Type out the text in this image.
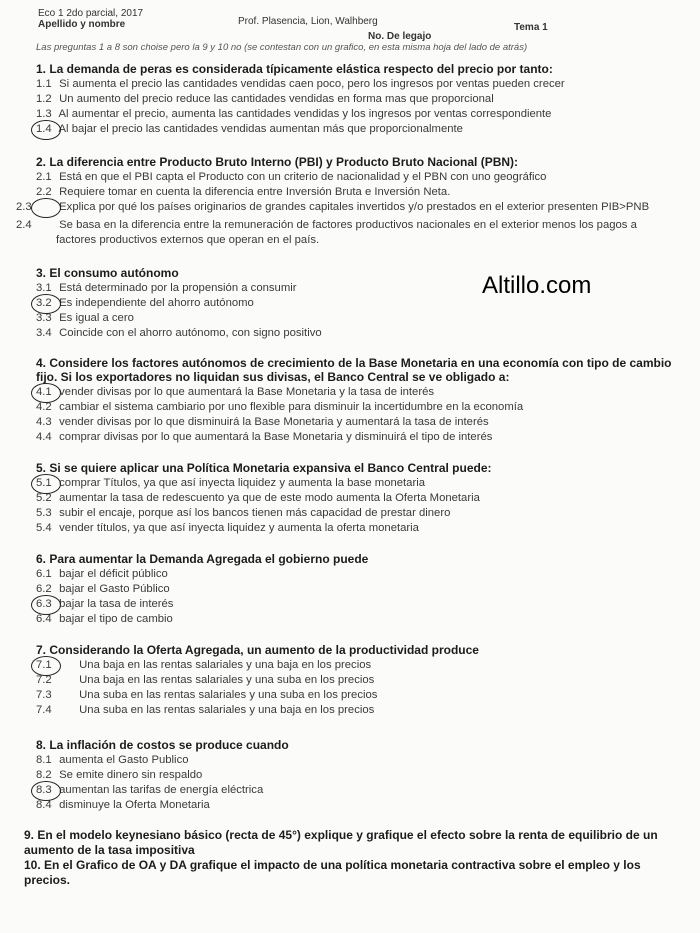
Eco 1 2do parcial, 2017
Prof. Plasencia, Lion, Walhberg
Tema 1
Apellido y nombre
No. De legajo
Las preguntas 1 a 8 son choise pero la 9 y 10 no (se contestan con un grafico, en esta misma hoja del lado de atrás)
Altillo.com
1. La demanda de peras es considerada típicamente elástica respecto del precio por tanto:
1.1 Si aumenta el precio las cantidades vendidas caen poco, pero los ingresos por ventas pueden crecer
1.2 Un aumento del precio reduce las cantidades vendidas en forma mas que proporcional
1.3 Al aumentar el precio, aumenta las cantidades vendidas y los ingresos por ventas correspondiente
1.4 Al bajar el precio las cantidades vendidas aumentan más que proporcionalmente
2. La diferencia entre Producto Bruto Interno (PBI) y Producto Bruto Nacional (PBN):
2.1 Está en que el PBI capta el Producto con un criterio de nacionalidad y el PBN con uno geográfico
2.2 Requiere tomar en cuenta la diferencia entre Inversión Bruta e Inversión Neta.
2.3 Explica por qué los países originarios de grandes capitales invertidos y/o prestados en el exterior presenten PIB>PNB
2.4 Se basa en la diferencia entre la remuneración de factores productivos nacionales en el exterior menos los pagos a factores productivos externos que operan en el país.
3. El consumo autónomo
3.1 Está determinado por la propensión a consumir
3.2 Es independiente del ahorro autónomo
3.3 Es igual a cero
3.4 Coincide con el ahorro autónomo, con signo positivo
4. Considere los factores autónomos de crecimiento de la Base Monetaria en una economía con tipo de cambio fijo. Si los exportadores no liquidan sus divisas, el Banco Central se ve obligado a:
4.1 vender divisas por lo que aumentará la Base Monetaria y la tasa de interés
4.2 cambiar el sistema cambiario por uno flexible para disminuir la incertidumbre en la economía
4.3 vender divisas por lo que disminuirá la Base Monetaria y aumentará la tasa de interés
4.4 comprar divisas por lo que aumentará la Base Monetaria y disminuirá el tipo de interés
5. Si se quiere aplicar una Política Monetaria expansiva el Banco Central puede:
5.1 comprar Títulos, ya que así inyecta liquidez y aumenta la base monetaria
5.2 aumentar la tasa de redescuento ya que de este modo aumenta la Oferta Monetaria
5.3 subir el encaje, porque así los bancos tienen más capacidad de prestar dinero
5.4 vender títulos, ya que así inyecta liquidez y aumenta la oferta monetaria
6. Para aumentar la Demanda Agregada el gobierno puede
6.1 bajar el déficit público
6.2 bajar el Gasto Público
6.3 bajar la tasa de interés
6.4 bajar el tipo de cambio
7. Considerando la Oferta Agregada, un aumento de la productividad produce
7.1 Una baja en las rentas salariales y una baja en los precios
7.2 Una baja en las rentas salariales y una suba en los precios
7.3 Una suba en las rentas salariales y una suba en los precios
7.4 Una suba en las rentas salariales y una baja en los precios
8. La inflación de costos se produce cuando
8.1 aumenta el Gasto Publico
8.2 Se emite dinero sin respaldo
8.3 aumentan las tarifas de energía eléctrica
8.4 disminuye la Oferta Monetaria
9. En el modelo keynesiano básico (recta de 45°) explique y grafique el efecto sobre la renta de equilibrio de un aumento de la tasa impositiva
10. En el Grafico de OA y DA grafique el impacto de una política monetaria contractiva sobre el empleo y los precios.
